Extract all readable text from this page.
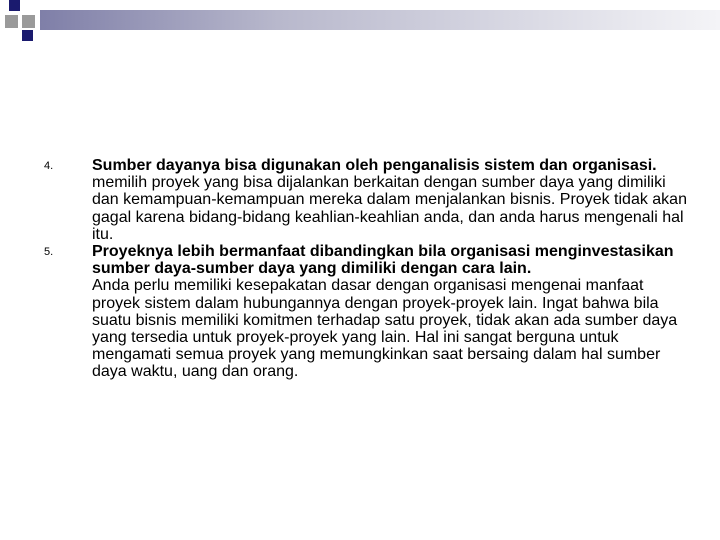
4.	Sumber dayanya bisa digunakan oleh penganalisis sistem dan organisasi.
memilih proyek yang bisa dijalankan berkaitan dengan sumber daya yang dimiliki dan kemampuan-kemampuan mereka dalam menjalankan bisnis. Proyek tidak akan gagal karena bidang-bidang keahlian-keahlian anda, dan anda harus mengenali hal itu.
5.	Proyeknya lebih bermanfaat dibandingkan bila organisasi menginvestasikan sumber daya-sumber daya yang dimiliki dengan cara lain.
Anda perlu memiliki kesepakatan dasar dengan organisasi mengenai manfaat proyek sistem dalam hubungannya dengan proyek-proyek lain. Ingat bahwa bila suatu bisnis memiliki komitmen terhadap satu proyek, tidak akan ada sumber daya yang tersedia untuk proyek-proyek yang lain. Hal ini sangat berguna untuk mengamati semua proyek yang memungkinkan saat bersaing dalam hal sumber daya waktu, uang dan orang.
